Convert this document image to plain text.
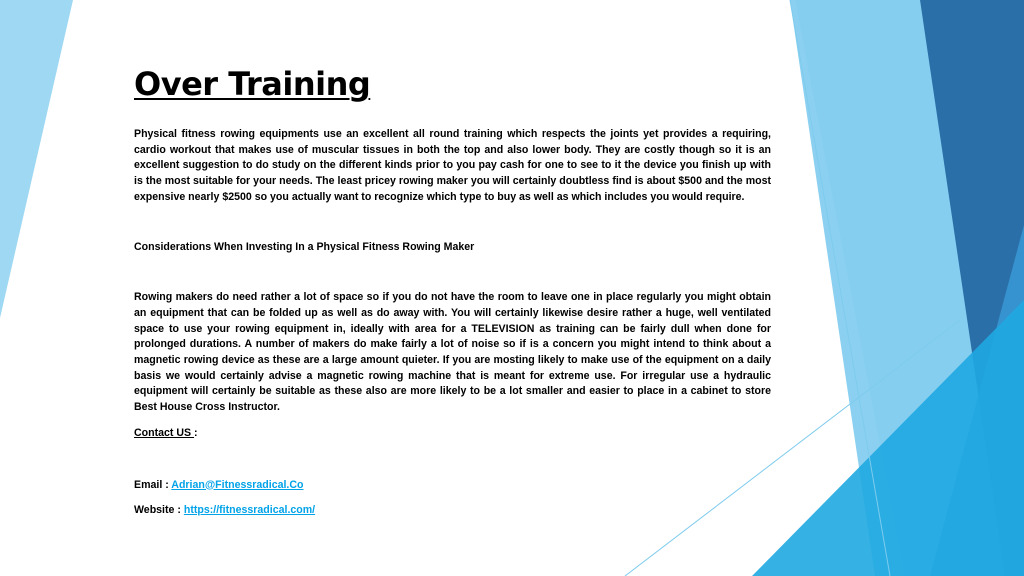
Over Training

Physical fitness rowing equipments use an excellent all round training which respects the joints yet provides a requiring, cardio workout that makes use of muscular tissues in both the top and also lower body. They are costly though so it is an excellent suggestion to do study on the different kinds prior to you pay cash for one to see to it the device you finish up with is the most suitable for your needs. The least pricey rowing maker you will certainly doubtless find is about $500 and the most expensive nearly $2500 so you actually want to recognize which type to buy as well as which includes you would require.

Considerations When Investing In a Physical Fitness Rowing Maker

Rowing makers do need rather a lot of space so if you do not have the room to leave one in place regularly you might obtain an equipment that can be folded up as well as do away with. You will certainly likewise desire rather a huge, well ventilated space to use your rowing equipment in, ideally with area for a TELEVISION as training can be fairly dull when done for prolonged durations. A number of makers do make fairly a lot of noise so if is a concern you might intend to think about a magnetic rowing device as these are a large amount quieter. If you are mosting likely to make use of the equipment on a daily basis we would certainly advise a magnetic rowing machine that is meant for extreme use. For irregular use a hydraulic equipment will certainly be suitable as these also are more likely to be a lot smaller and easier to place in a cabinet to store Best House Cross Instructor.

Contact US :

Email : Adrian@Fitnessradical.Co

Website : https://fitnessradical.com/
